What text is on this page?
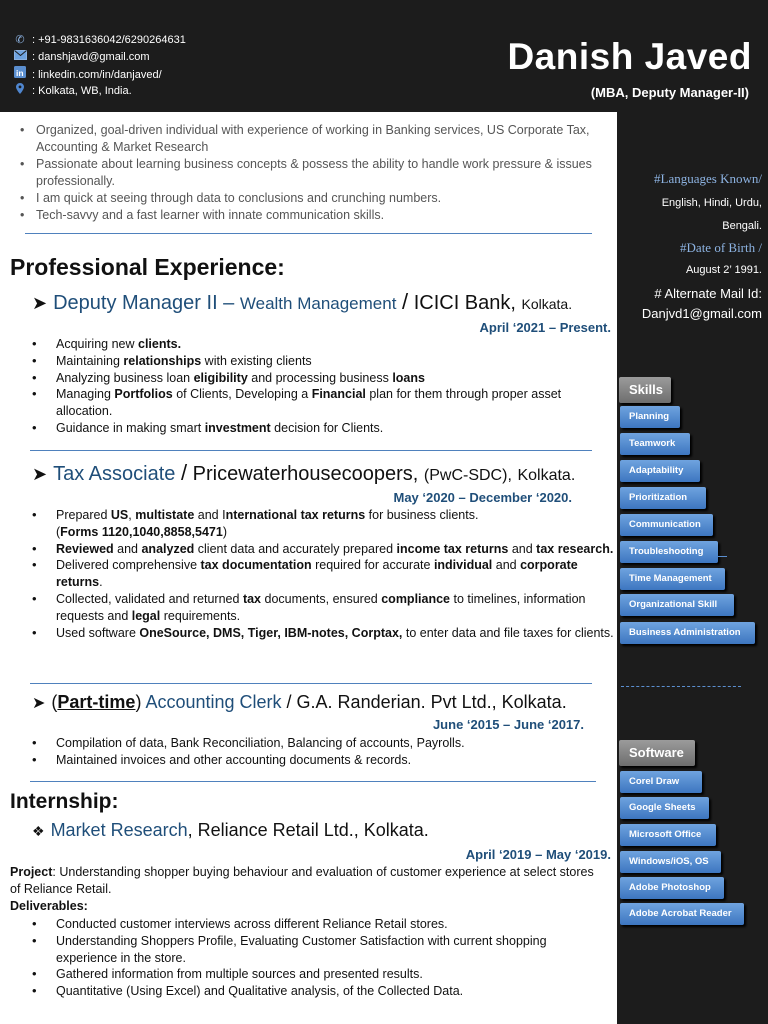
✆ : +91-9831636042/6290264631
: danshjavd@gmail.com
in : linkedin.com/in/danjaved/
: Kolkata, WB, India.
Danish Javed
(MBA, Deputy Manager-II)
#Languages Known/
English, Hindi, Urdu,
Bengali.
#Date of Birth /
August 2’ 1991.
# Alternate Mail Id:
Danjvd1@gmail.com
Skills
Planning
Teamwork
Adaptability
Prioritization
Communication
Troubleshooting
Time Management
Organizational Skill
Business Administration
Software
Corel Draw
Google Sheets
Microsoft Office
Windows/iOS, OS
Adobe Photoshop
Adobe Acrobat Reader
• Organized, goal-driven individual with experience of working in Banking services, US Corporate Tax, Accounting & Market Research
• Passionate about learning business concepts & possess the ability to handle work pressure & issues professionally.
• I am quick at seeing through data to conclusions and crunching numbers.
• Tech-savvy and a fast learner with innate communication skills.
Professional Experience:
➤ Deputy Manager II – Wealth Management / ICICI Bank, Kolkata.
April ‘2021 – Present.
• Acquiring new clients.
• Maintaining relationships with existing clients
• Analyzing business loan eligibility and processing business loans
• Managing Portfolios of Clients, Developing a Financial plan for them through proper asset allocation.
• Guidance in making smart investment decision for Clients.
➤ Tax Associate / Pricewaterhousecoopers, (PwC-SDC), Kolkata.
May ‘2020 – December ‘2020.
• Prepared US, multistate and International tax returns for business clients.
(Forms 1120,1040,8858,5471)
• Reviewed and analyzed client data and accurately prepared income tax returns and tax research.
• Delivered comprehensive tax documentation required for accurate individual and corporate returns.
• Collected, validated and returned tax documents, ensured compliance to timelines, information requests and legal requirements.
• Used software OneSource, DMS, Tiger, IBM-notes, Corptax, to enter data and file taxes for clients.
➤ (Part-time) Accounting Clerk / G.A. Randerian. Pvt Ltd., Kolkata.
June ‘2015 – June ‘2017.
• Compilation of data, Bank Reconciliation, Balancing of accounts, Payrolls.
• Maintained invoices and other accounting documents & records.
Internship:
❖ Market Research, Reliance Retail Ltd., Kolkata.
April ‘2019 – May ‘2019.
Project: Understanding shopper buying behaviour and evaluation of customer experience at select stores of Reliance Retail.
Deliverables:
• Conducted customer interviews across different Reliance Retail stores.
• Understanding Shoppers Profile, Evaluating Customer Satisfaction with current shopping experience in the store.
• Gathered information from multiple sources and presented results.
• Quantitative (Using Excel) and Qualitative analysis, of the Collected Data.
